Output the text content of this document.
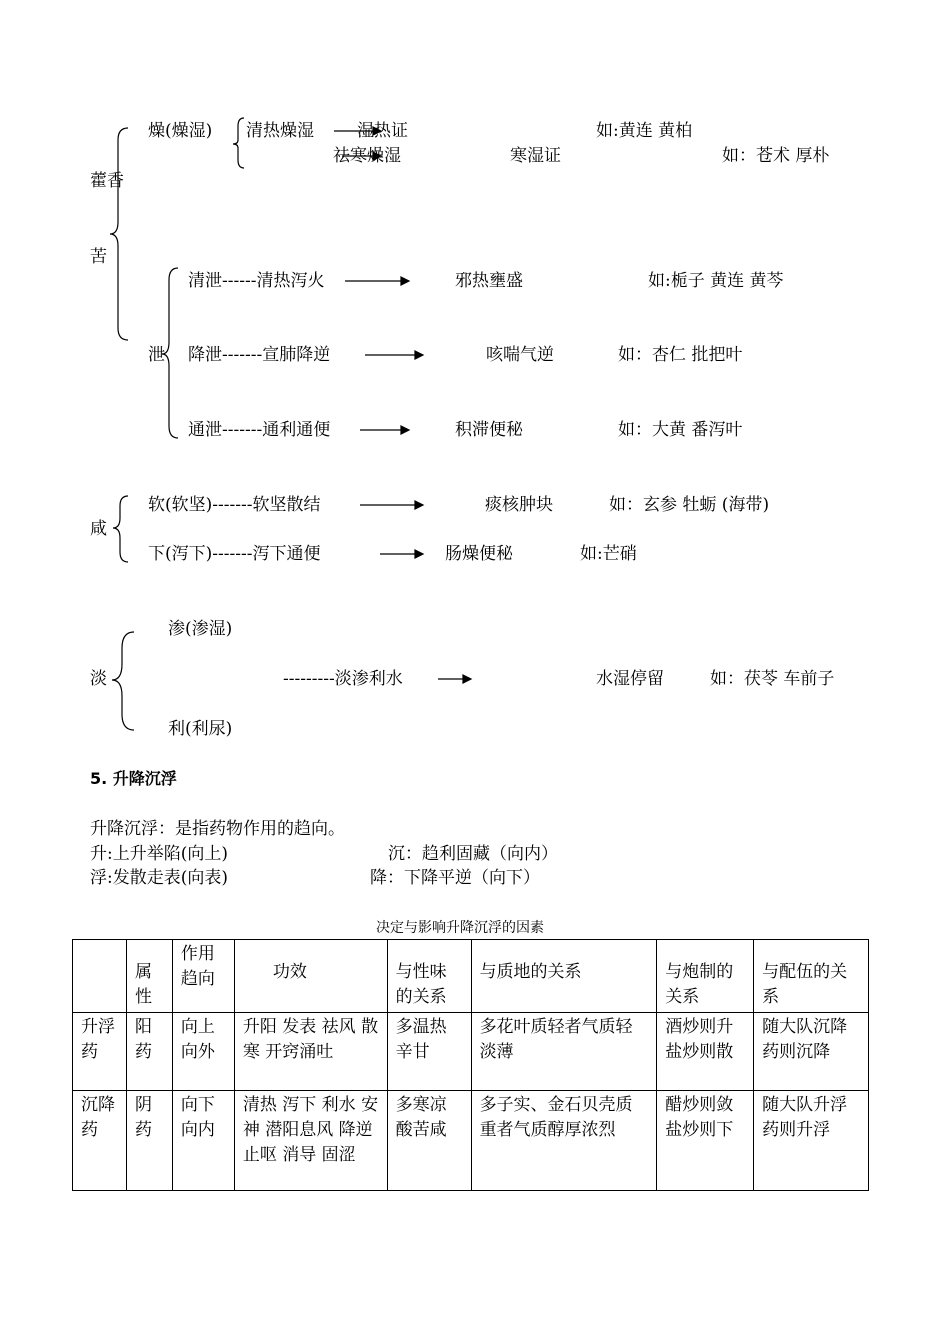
藿香
苦
燥(燥湿) 清热燥湿	湿热证	如:黄连 黄柏
祛寒燥湿	寒湿证	如：苍术 厚朴
泄
清泄------清热泻火	邪热壅盛	如:栀子 黄连 黄芩
降泄-------宣肺降逆	咳喘气逆	如：杏仁 批把叶
通泄-------通利通便	积滞便秘	如：大黄 番泻叶
咸
软(软坚)-------软坚散结	痰核肿块	如：玄参 牡蛎 (海带)
下(泻下)-------泻下通便	肠燥便秘	如:芒硝
淡
渗(渗湿)
---------淡渗利水	水湿停留	如：茯苓 车前子
利(利尿)
5. 升降沉浮
升降沉浮：是指药物作用的趋向。
升:上升举陷(向上)	沉：趋利固藏（向内）
浮:发散走表(向表)	降：下降平逆（向下）
决定与影响升降沉浮的因素
	属性	作用趋向	功效	与性味的关系	与质地的关系	与炮制的关系	与配伍的关系
升浮药	阳药	向上向外	升阳 发表 祛风 散寒 开窍涌吐	多温热 辛甘	多花叶质轻者气质轻淡薄	酒炒则升盐炒则散	随大队沉降药则沉降
沉降药	阴药	向下向内	清热 泻下 利水 安神 潜阳息风 降逆 止呕 消导 固涩	多寒凉酸苦咸	多子实、金石贝壳质重者气质醇厚浓烈	醋炒则敛盐炒则下	随大队升浮药则升浮
